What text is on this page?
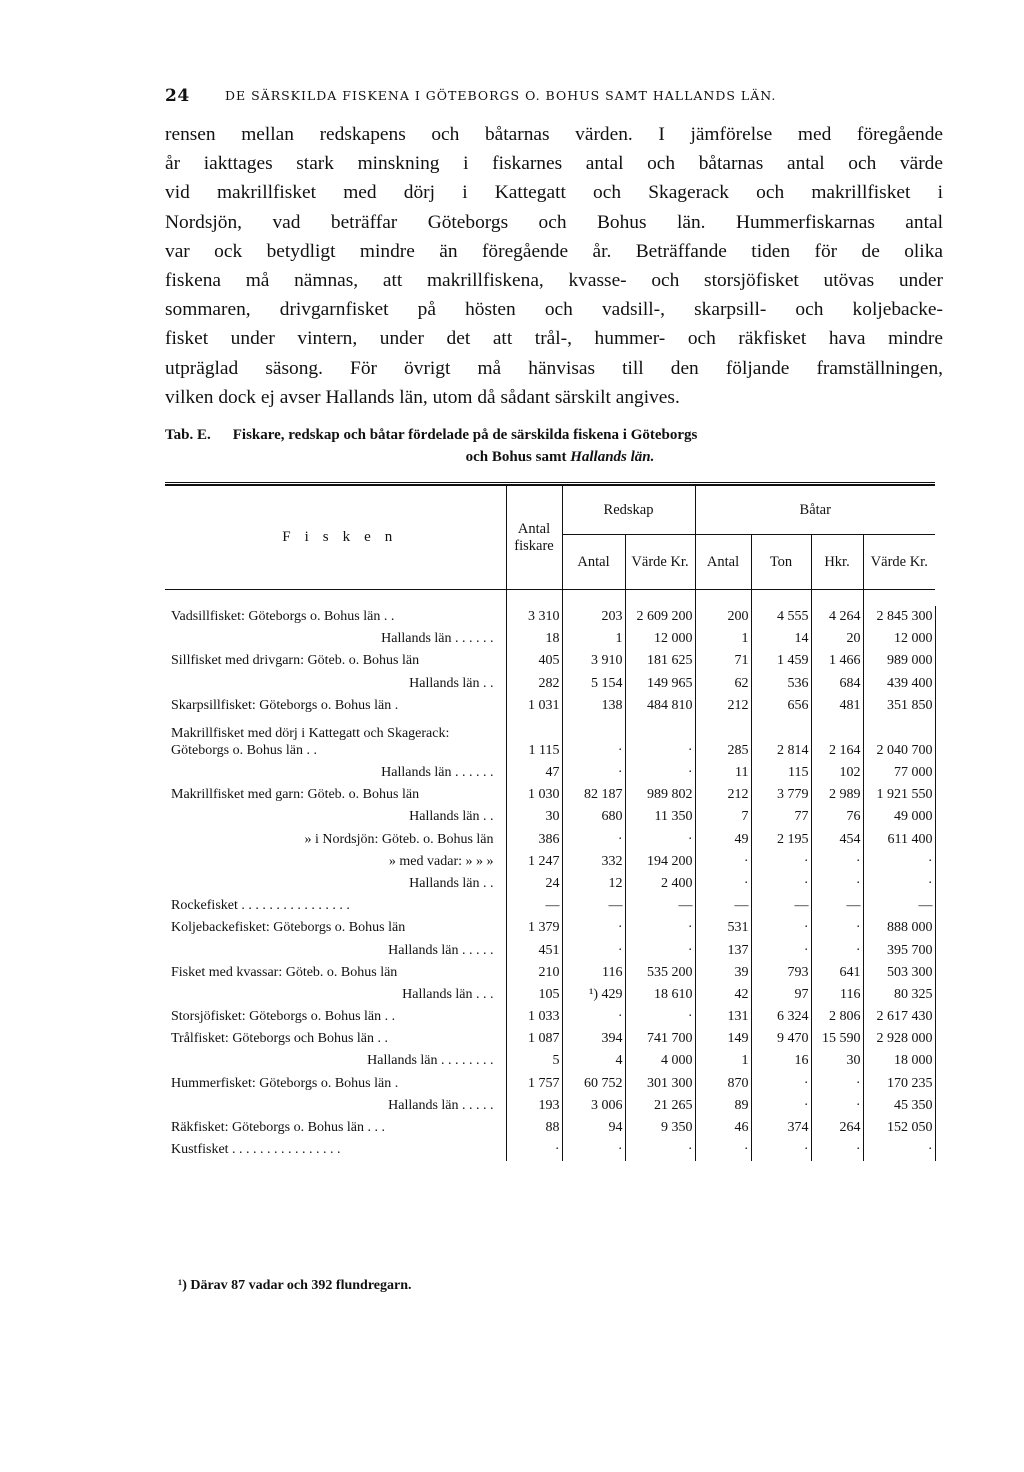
24	DE SÄRSKILDA FISKENA I GÖTEBORGS O. BOHUS SAMT HALLANDS LÄN.
rensen mellan redskapens och båtarnas värden. I jämförelse med föregående
år iakttages stark minskning i fiskarnes antal och båtarnas antal och värde
vid makrillfisket med dörj i Kattegatt och Skagerack och makrillfisket i
Nordsjön, vad beträffar Göteborgs och Bohus län. Hummerfiskarnas antal
var ock betydligt mindre än föregående år. Beträffande tiden för de olika
fiskena må nämnas, att makrillfiskena, kvasse- och storsjöfisket utövas under
sommaren, drivgarnfisket på hösten och vadsill-, skarpsill- och koljebacke-
fisket under vintern, under det att trål-, hummer- och räkfisket hava mindre
utpräglad säsong. För övrigt må hänvisas till den följande framställningen,
vilken dock ej avser Hallands län, utom då sådant särskilt angives.
Tab. E. Fiskare, redskap och båtar fördelade på de särskilda fiskena i Göteborgs
och Bohus samt Hallands län.

Fisken	Antal fiskare	Redskap		Båtar			
		Antal	Värde Kr.	Antal	Ton	Hkr.	Värde Kr.

Vadsillfisket: Göteborgs o. Bohus län . .	3 310	203	2 609 200	200	4 555	4 264	2 845 300
Hallands län . . . . . .	18	1	12 000	1	14	20	12 000
Sillfisket med drivgarn: Göteb. o. Bohus län	405	3 910	181 625	71	1 459	1 466	989 000
Hallands län . .	282	5 154	149 965	62	536	684	439 400
Skarpsillfisket: Göteborgs o. Bohus län .	1 031	138	484 810	212	656	481	351 850
Makrillfisket med dörj i Kattegatt och Skagerack: Göteborgs o. Bohus län . .	1 115	·	·	285	2 814	2 164	2 040 700
Hallands län . . . . . .	47	·	·	11	115	102	77 000
Makrillfisket med garn: Göteb. o. Bohus län	1 030	82 187	989 802	212	3 779	2 989	1 921 550
Hallands län . .	30	680	11 350	7	77	76	49 000
» i Nordsjön: Göteb. o. Bohus län	386	·	·	49	2 195	454	611 400
» med vadar: » » »	1 247	332	194 200	·	·	·	·
Hallands län . .	24	12	2 400	·	·	·	·
Rockefisket . . . . . . . . . . . . . . . .	—	—	—	—	—	—	—
Koljebackefisket: Göteborgs o. Bohus län	1 379	·	·	531	·	·	888 000
Hallands län . . . . .	451	·	·	137	·	·	395 700
Fisket med kvassar: Göteb. o. Bohus län	210	116	535 200	39	793	641	503 300
Hallands län . . .	105	¹) 429	18 610	42	97	116	80 325
Storsjöfisket: Göteborgs o. Bohus län . .	1 033	·	·	131	6 324	2 806	2 617 430
Trålfisket: Göteborgs och Bohus län . .	1 087	394	741 700	149	9 470	15 590	2 928 000
Hallands län . . . . . . . .	5	4	4 000	1	16	30	18 000
Hummerfisket: Göteborgs o. Bohus län .	1 757	60 752	301 300	870	·	·	170 235
Hallands län . . . . .	193	3 006	21 265	89	·	·	45 350
Räkfisket: Göteborgs o. Bohus län . . .	88	94	9 350	46	374	264	152 050
Kustfisket . . . . . . . . . . . . . . . .	·	·	·	·	·	·	·
¹) Därav 87 vadar och 392 flundregarn.
